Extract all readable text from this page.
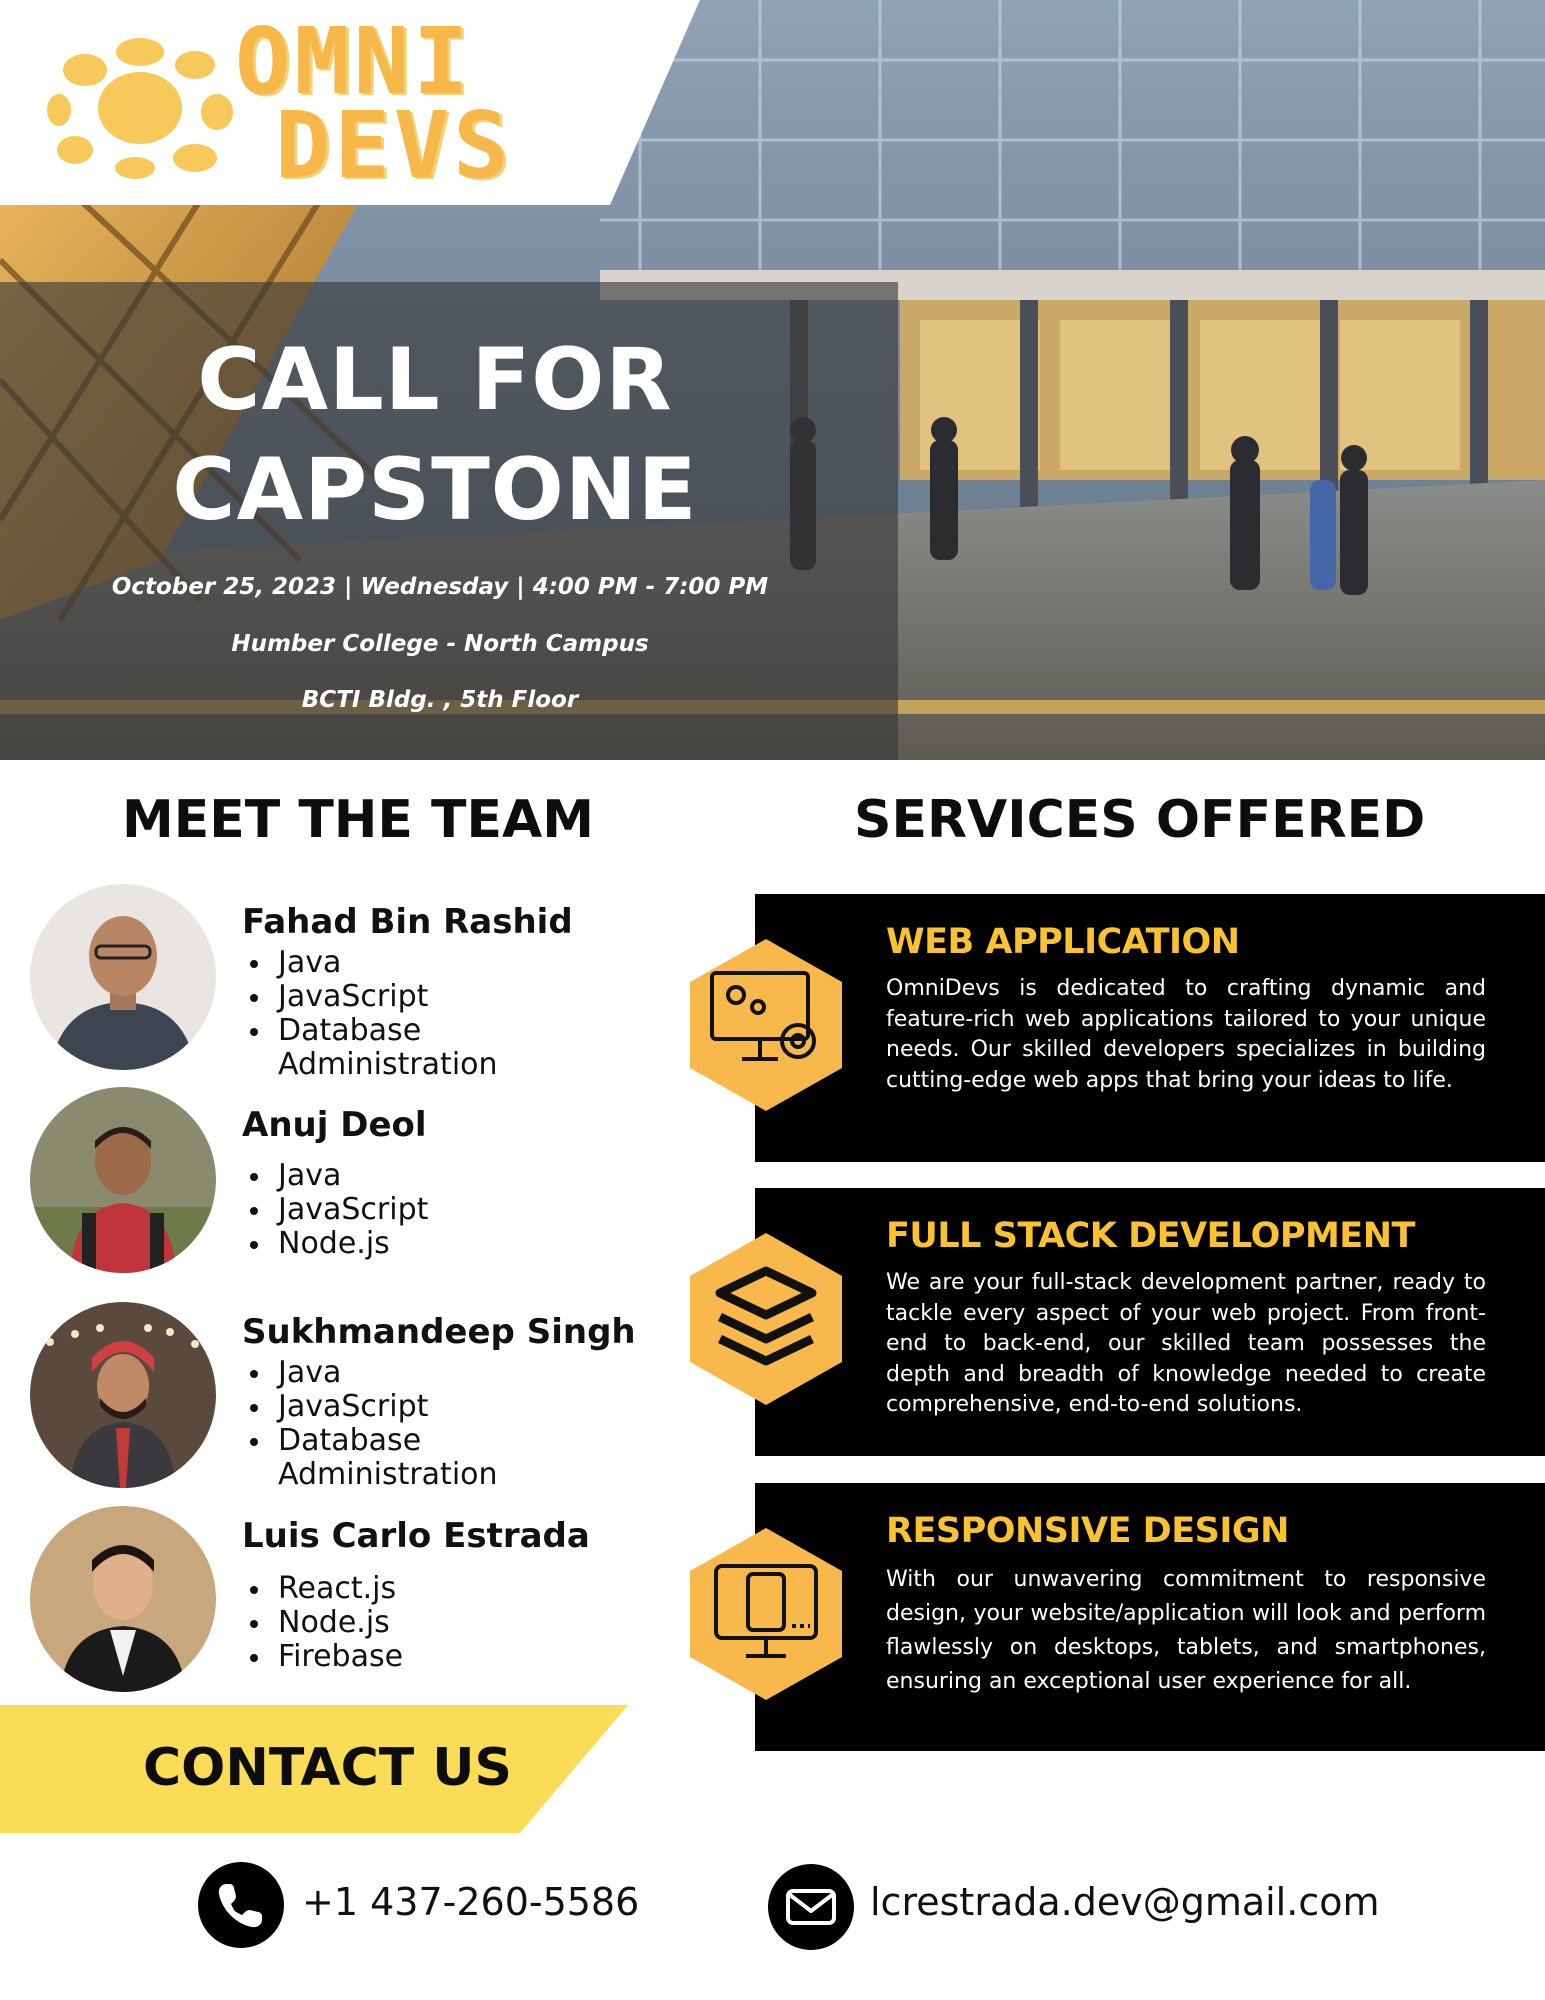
OMNI
DEVS
CALL FOR
CAPSTONE
October 25, 2023 | Wednesday | 4:00 PM - 7:00 PM
Humber College - North Campus
BCTI Bldg. , 5th Floor
MEET THE TEAM	SERVICES OFFERED
Fahad Bin Rashid
Java
JavaScript
Database
Administration
Anuj Deol
Java
JavaScript
Node.js
Sukhmandeep Singh
Java
JavaScript
Database
Administration
Luis Carlo Estrada
React.js
Node.js
Firebase
WEB APPLICATION
OmniDevs is dedicated to crafting dynamic and feature-rich web applications tailored to your unique needs. Our skilled developers specializes in building cutting-edge web apps that bring your ideas to life.
FULL STACK DEVELOPMENT
We are your full-stack development partner, ready to tackle every aspect of your web project. From front-end to back-end, our skilled team possesses the depth and breadth of knowledge needed to create comprehensive, end-to-end solutions.
RESPONSIVE DESIGN
With our unwavering commitment to responsive design, your website/application will look and perform flawlessly on desktops, tablets, and smartphones, ensuring an exceptional user experience for all.
CONTACT US
+1 437-260-5586	lcrestrada.dev@gmail.com
